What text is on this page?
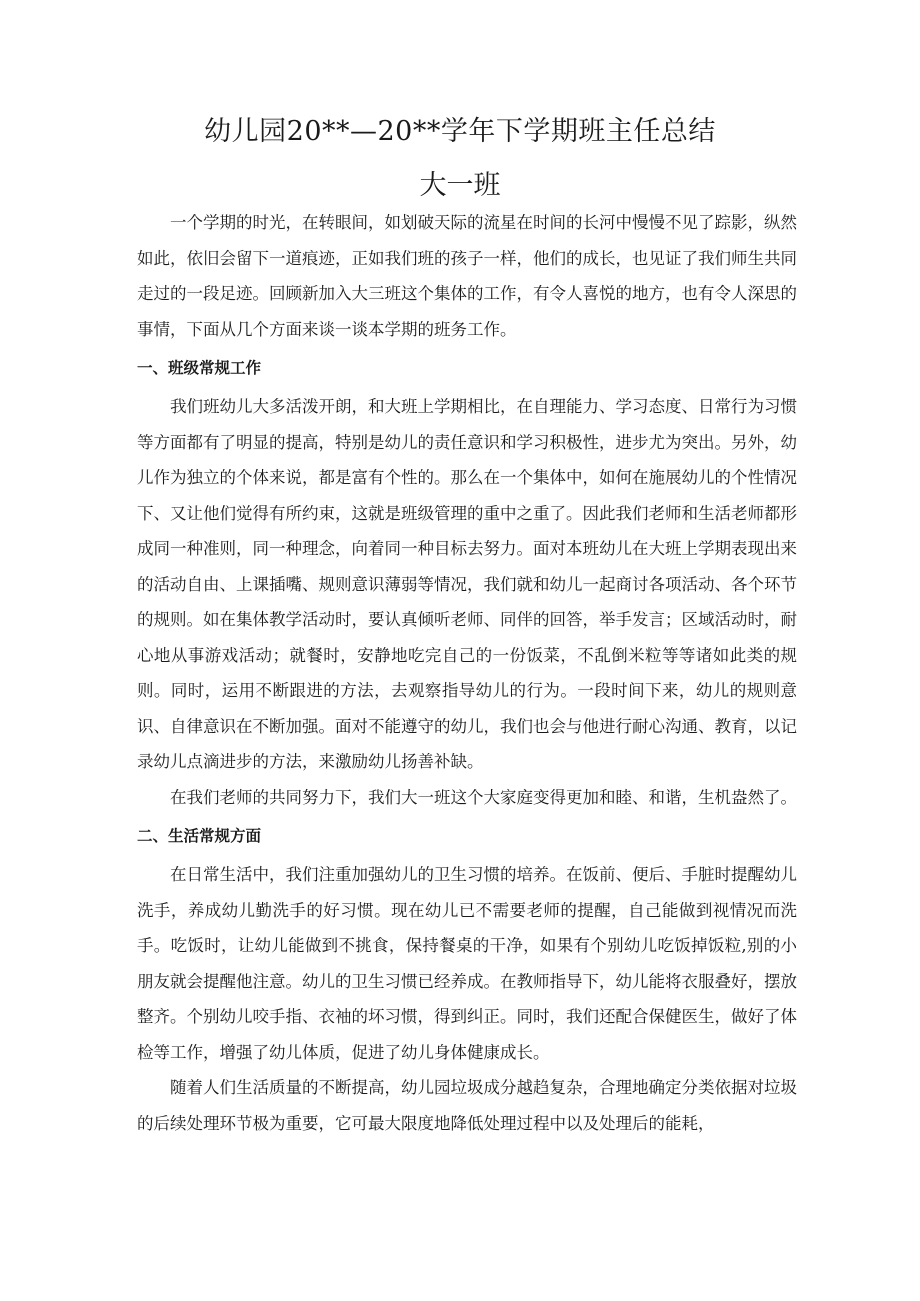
幼儿园20**—20**学年下学期班主任总结
大一班

一个学期的时光，在转眼间，如划破天际的流星在时间的长河中慢慢不见了踪影，纵然如此，依旧会留下一道痕迹，正如我们班的孩子一样，他们的成长，也见证了我们师生共同走过的一段足迹。回顾新加入大三班这个集体的工作，有令人喜悦的地方，也有令人深思的事情，下面从几个方面来谈一谈本学期的班务工作。

一、班级常规工作

我们班幼儿大多活泼开朗，和大班上学期相比，在自理能力、学习态度、日常行为习惯等方面都有了明显的提高，特别是幼儿的责任意识和学习积极性，进步尤为突出。另外，幼儿作为独立的个体来说，都是富有个性的。那么在一个集体中，如何在施展幼儿的个性情况下、又让他们觉得有所约束，这就是班级管理的重中之重了。因此我们老师和生活老师都形成同一种准则，同一种理念，向着同一种目标去努力。面对本班幼儿在大班上学期表现出来的活动自由、上课插嘴、规则意识薄弱等情况，我们就和幼儿一起商讨各项活动、各个环节的规则。如在集体教学活动时，要认真倾听老师、同伴的回答，举手发言；区域活动时，耐心地从事游戏活动；就餐时，安静地吃完自己的一份饭菜，不乱倒米粒等等诸如此类的规则。同时，运用不断跟进的方法，去观察指导幼儿的行为。一段时间下来，幼儿的规则意识、自律意识在不断加强。面对不能遵守的幼儿，我们也会与他进行耐心沟通、教育，以记录幼儿点滴进步的方法，来激励幼儿扬善补缺。

在我们老师的共同努力下，我们大一班这个大家庭变得更加和睦、和谐，生机盎然了。

二、生活常规方面

在日常生活中，我们注重加强幼儿的卫生习惯的培养。在饭前、便后、手脏时提醒幼儿洗手，养成幼儿勤洗手的好习惯。现在幼儿已不需要老师的提醒，自己能做到视情况而洗手。吃饭时，让幼儿能做到不挑食，保持餐桌的干净，如果有个别幼儿吃饭掉饭粒,别的小朋友就会提醒他注意。幼儿的卫生习惯已经养成。在教师指导下，幼儿能将衣服叠好，摆放整齐。个别幼儿咬手指、衣袖的坏习惯，得到纠正。同时，我们还配合保健医生，做好了体检等工作，增强了幼儿体质，促进了幼儿身体健康成长。

随着人们生活质量的不断提高，幼儿园垃圾成分越趋复杂，合理地确定分类依据对垃圾的后续处理环节极为重要，它可最大限度地降低处理过程中以及处理后的能耗，
